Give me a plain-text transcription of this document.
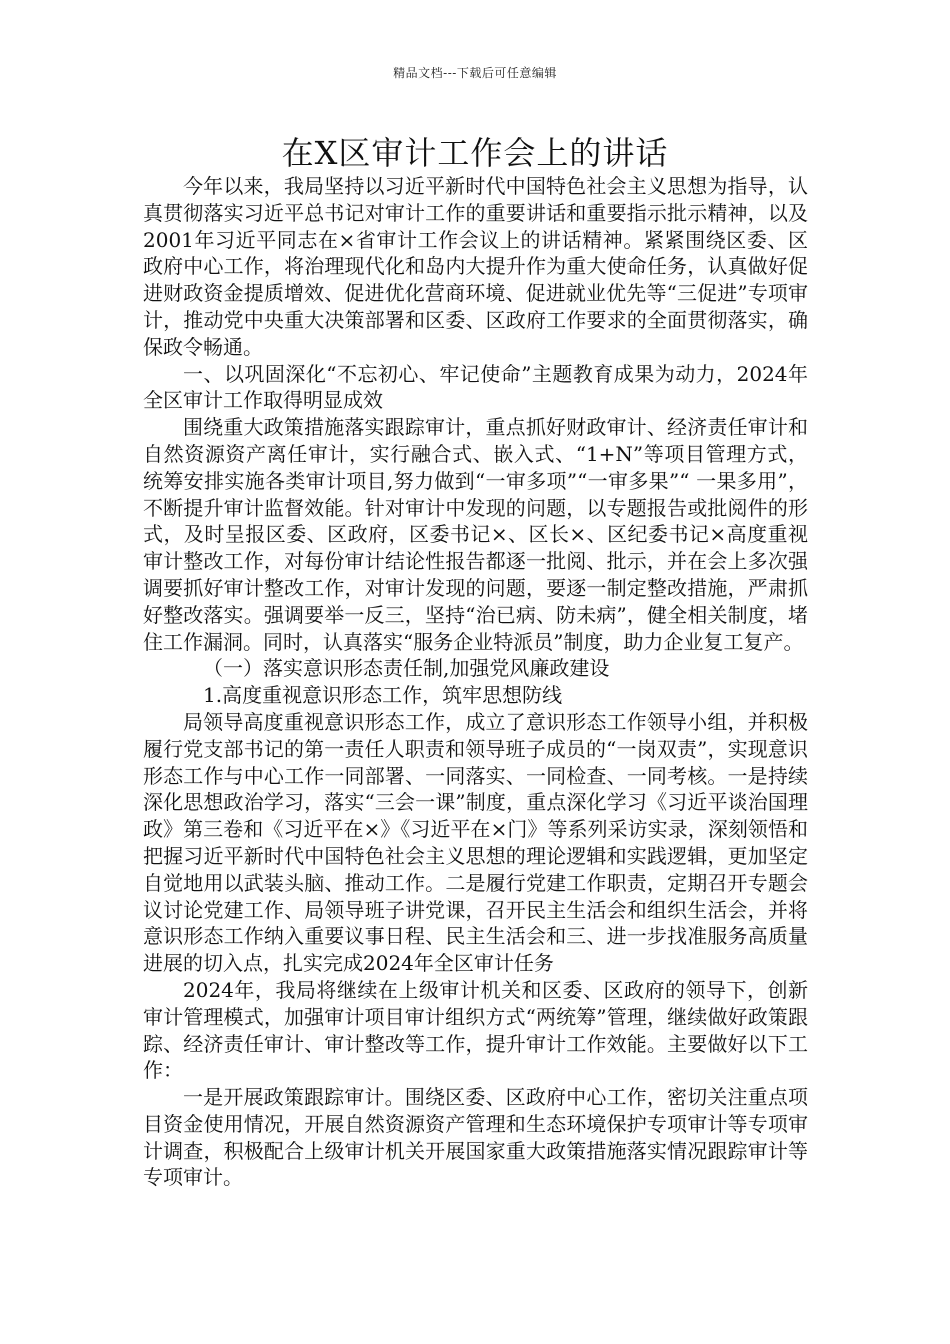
精品文档---下载后可任意编辑
在X区审计工作会上的讲话

今年以来，我局坚持以习近平新时代中国特色社会主义思想为指导，认真贯彻落实习近平总书记对审计工作的重要讲话和重要指示批示精神，以及2001年习近平同志在×省审计工作会议上的讲话精神。紧紧围绕区委、区政府中心工作，将治理现代化和岛内大提升作为重大使命任务，认真做好促进财政资金提质增效、促进优化营商环境、促进就业优先等“三促进”专项审计，推动党中央重大决策部署和区委、区政府工作要求的全面贯彻落实，确保政令畅通。

一、以巩固深化“不忘初心、牢记使命”主题教育成果为动力，2024年全区审计工作取得明显成效

围绕重大政策措施落实跟踪审计，重点抓好财政审计、经济责任审计和自然资源资产离任审计，实行融合式、嵌入式、“1+N”等项目管理方式，统筹安排实施各类审计项目,努力做到“一审多项”“一审多果”“ 一果多用”，不断提升审计监督效能。针对审计中发现的问题，以专题报告或批阅件的形式，及时呈报区委、区政府，区委书记×、区长×、区纪委书记×高度重视审计整改工作，对每份审计结论性报告都逐一批阅、批示，并在会上多次强调要抓好审计整改工作，对审计发现的问题，要逐一制定整改措施，严肃抓好整改落实。强调要举一反三，坚持“治已病、防未病”，健全相关制度，堵住工作漏洞。同时，认真落实“服务企业特派员”制度，助力企业复工复产。

（一）落实意识形态责任制,加强党风廉政建设

1.高度重视意识形态工作，筑牢思想防线

局领导高度重视意识形态工作，成立了意识形态工作领导小组，并积极履行党支部书记的第一责任人职责和领导班子成员的“一岗双责”，实现意识形态工作与中心工作一同部署、一同落实、一同检查、一同考核。一是持续深化思想政治学习，落实“三会一课”制度，重点深化学习《习近平谈治国理政》第三卷和《习近平在×》《习近平在×门》等系列采访实录，深刻领悟和把握习近平新时代中国特色社会主义思想的理论逻辑和实践逻辑，更加坚定自觉地用以武装头脑、推动工作。二是履行党建工作职责，定期召开专题会议讨论党建工作、局领导班子讲党课，召开民主生活会和组织生活会，并将意识形态工作纳入重要议事日程、民主生活会和三、进一步找准服务高质量进展的切入点，扎实完成2024年全区审计任务

2024年，我局将继续在上级审计机关和区委、区政府的领导下，创新审计管理模式，加强审计项目审计组织方式“两统筹”管理，继续做好政策跟踪、经济责任审计、审计整改等工作，提升审计工作效能。主要做好以下工作：

一是开展政策跟踪审计。围绕区委、区政府中心工作，密切关注重点项目资金使用情况，开展自然资源资产管理和生态环境保护专项审计等专项审计调查，积极配合上级审计机关开展国家重大政策措施落实情况跟踪审计等专项审计。
